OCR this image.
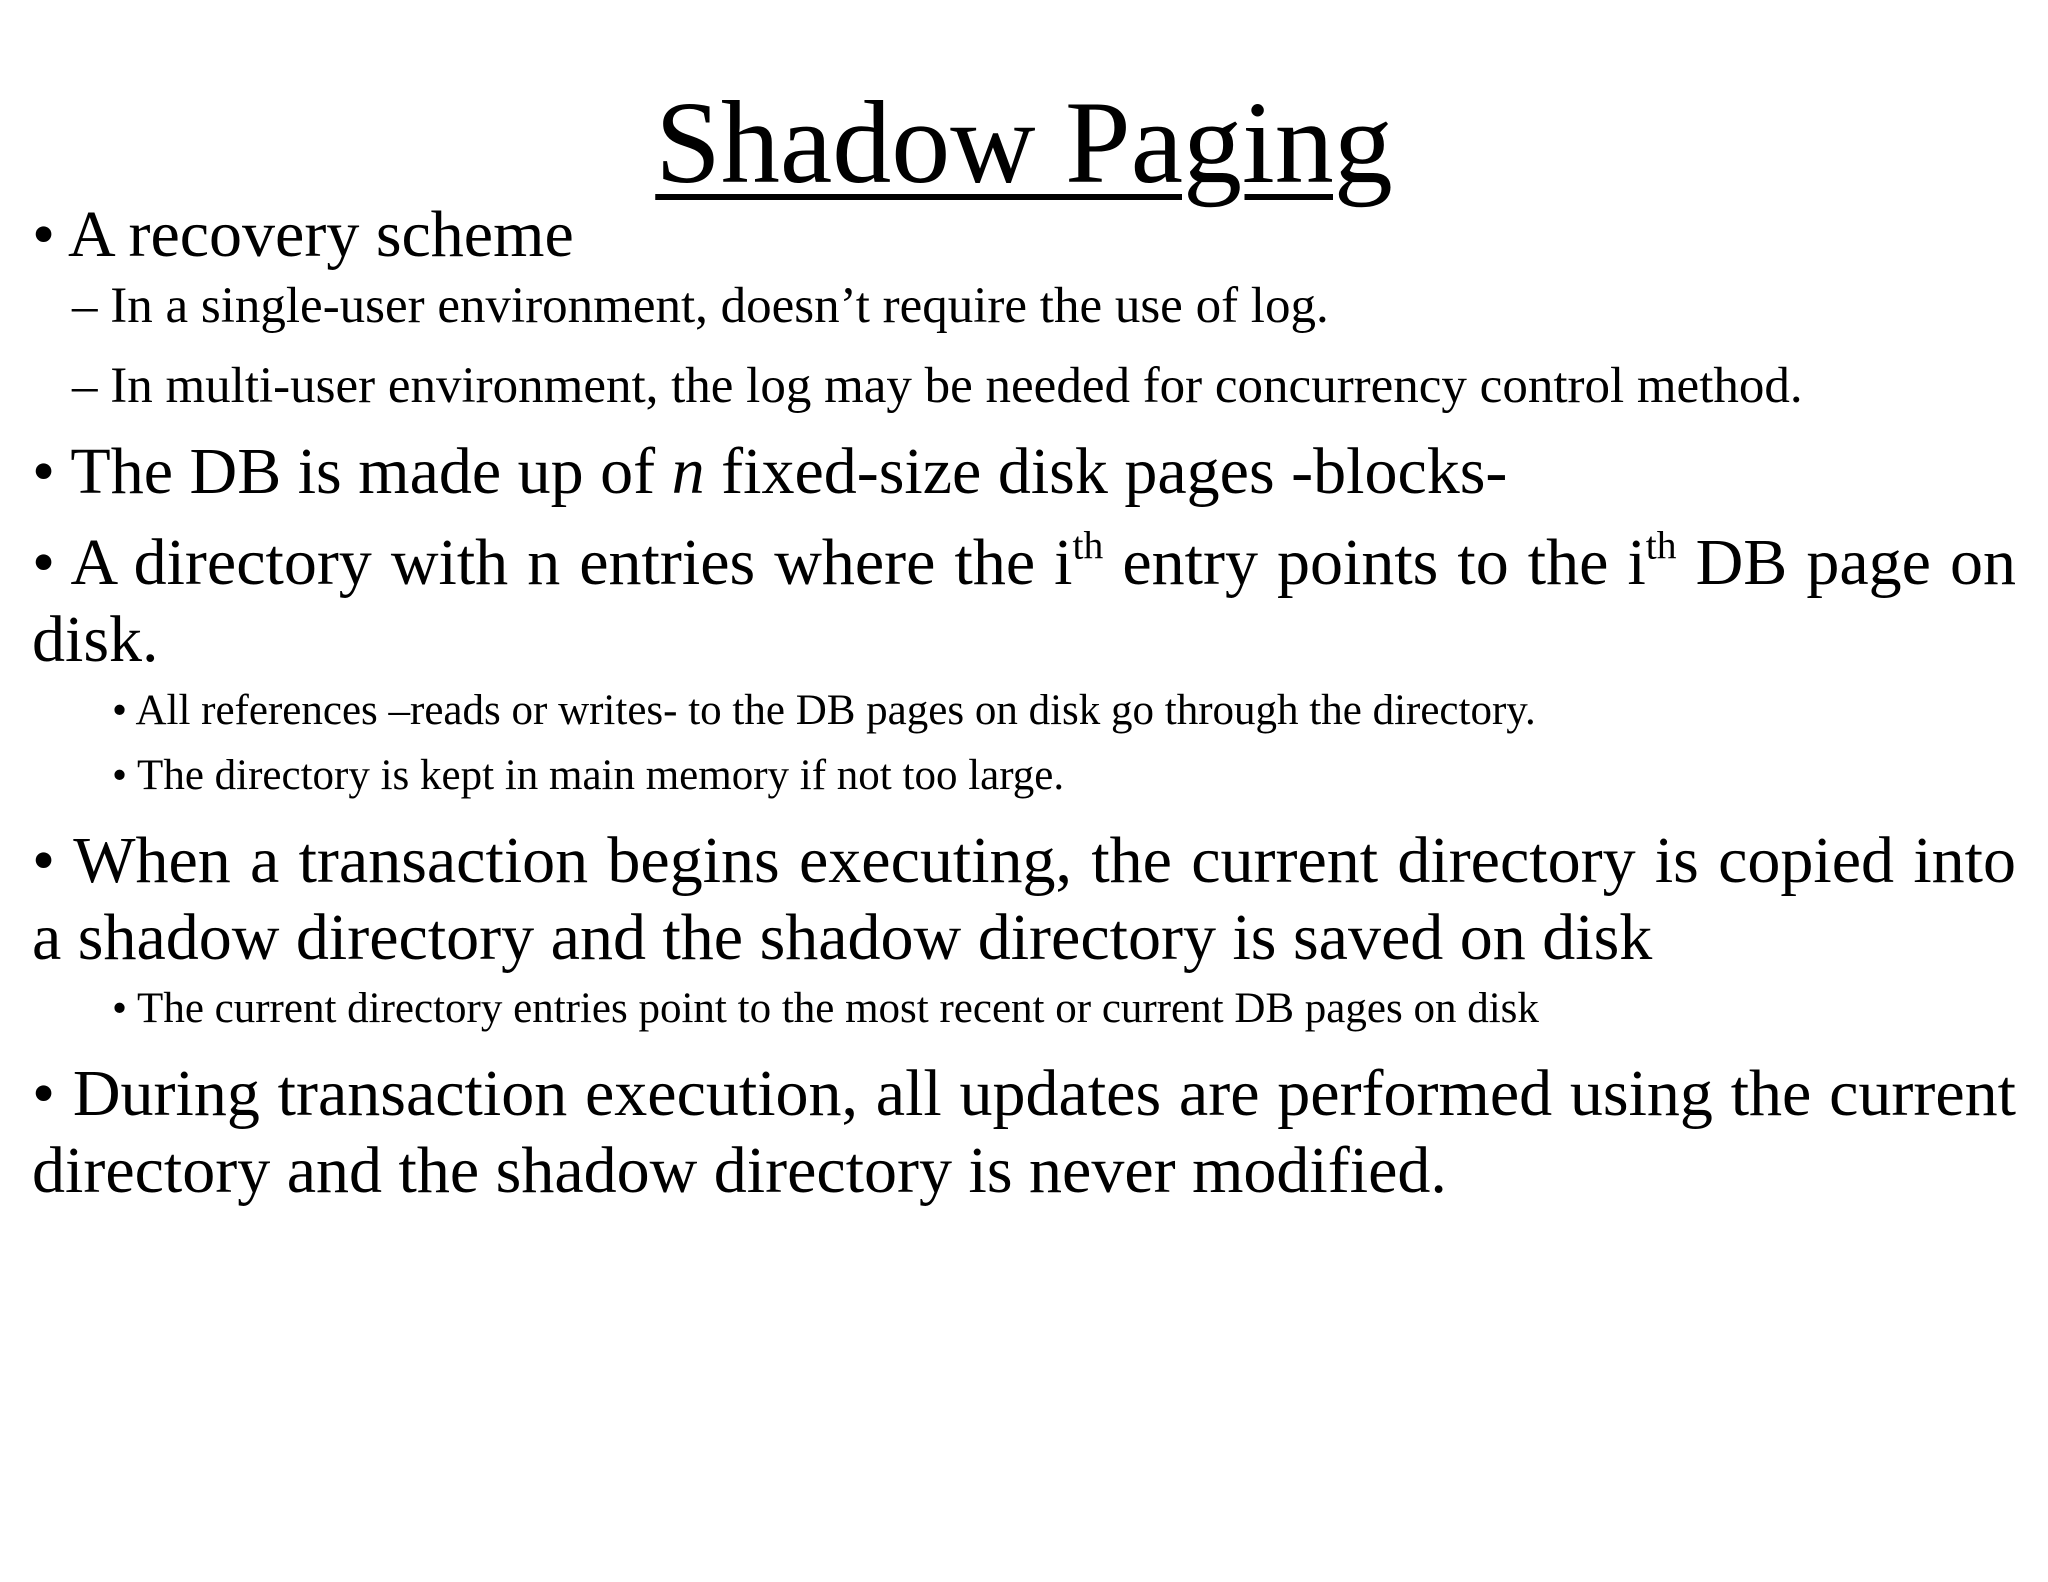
Shadow Paging

• A recovery scheme

– In a single-user environment, doesn’t require the use of log.

– In multi-user environment, the log may be needed for concurrency control method.

• The DB is made up of n fixed-size disk pages -blocks-

• A directory with n entries where the $i^{th}$ entry points to the $i^{th}$ DB page on disk.

• All references –reads or writes- to the DB pages on disk go through the directory.

• The directory is kept in main memory if not too large.

• When a transaction begins executing, the current directory is copied into a shadow directory and the shadow directory is saved on disk

• The current directory entries point to the most recent or current DB pages on disk

• During transaction execution, all updates are performed using the current directory and the shadow directory is never modified.
